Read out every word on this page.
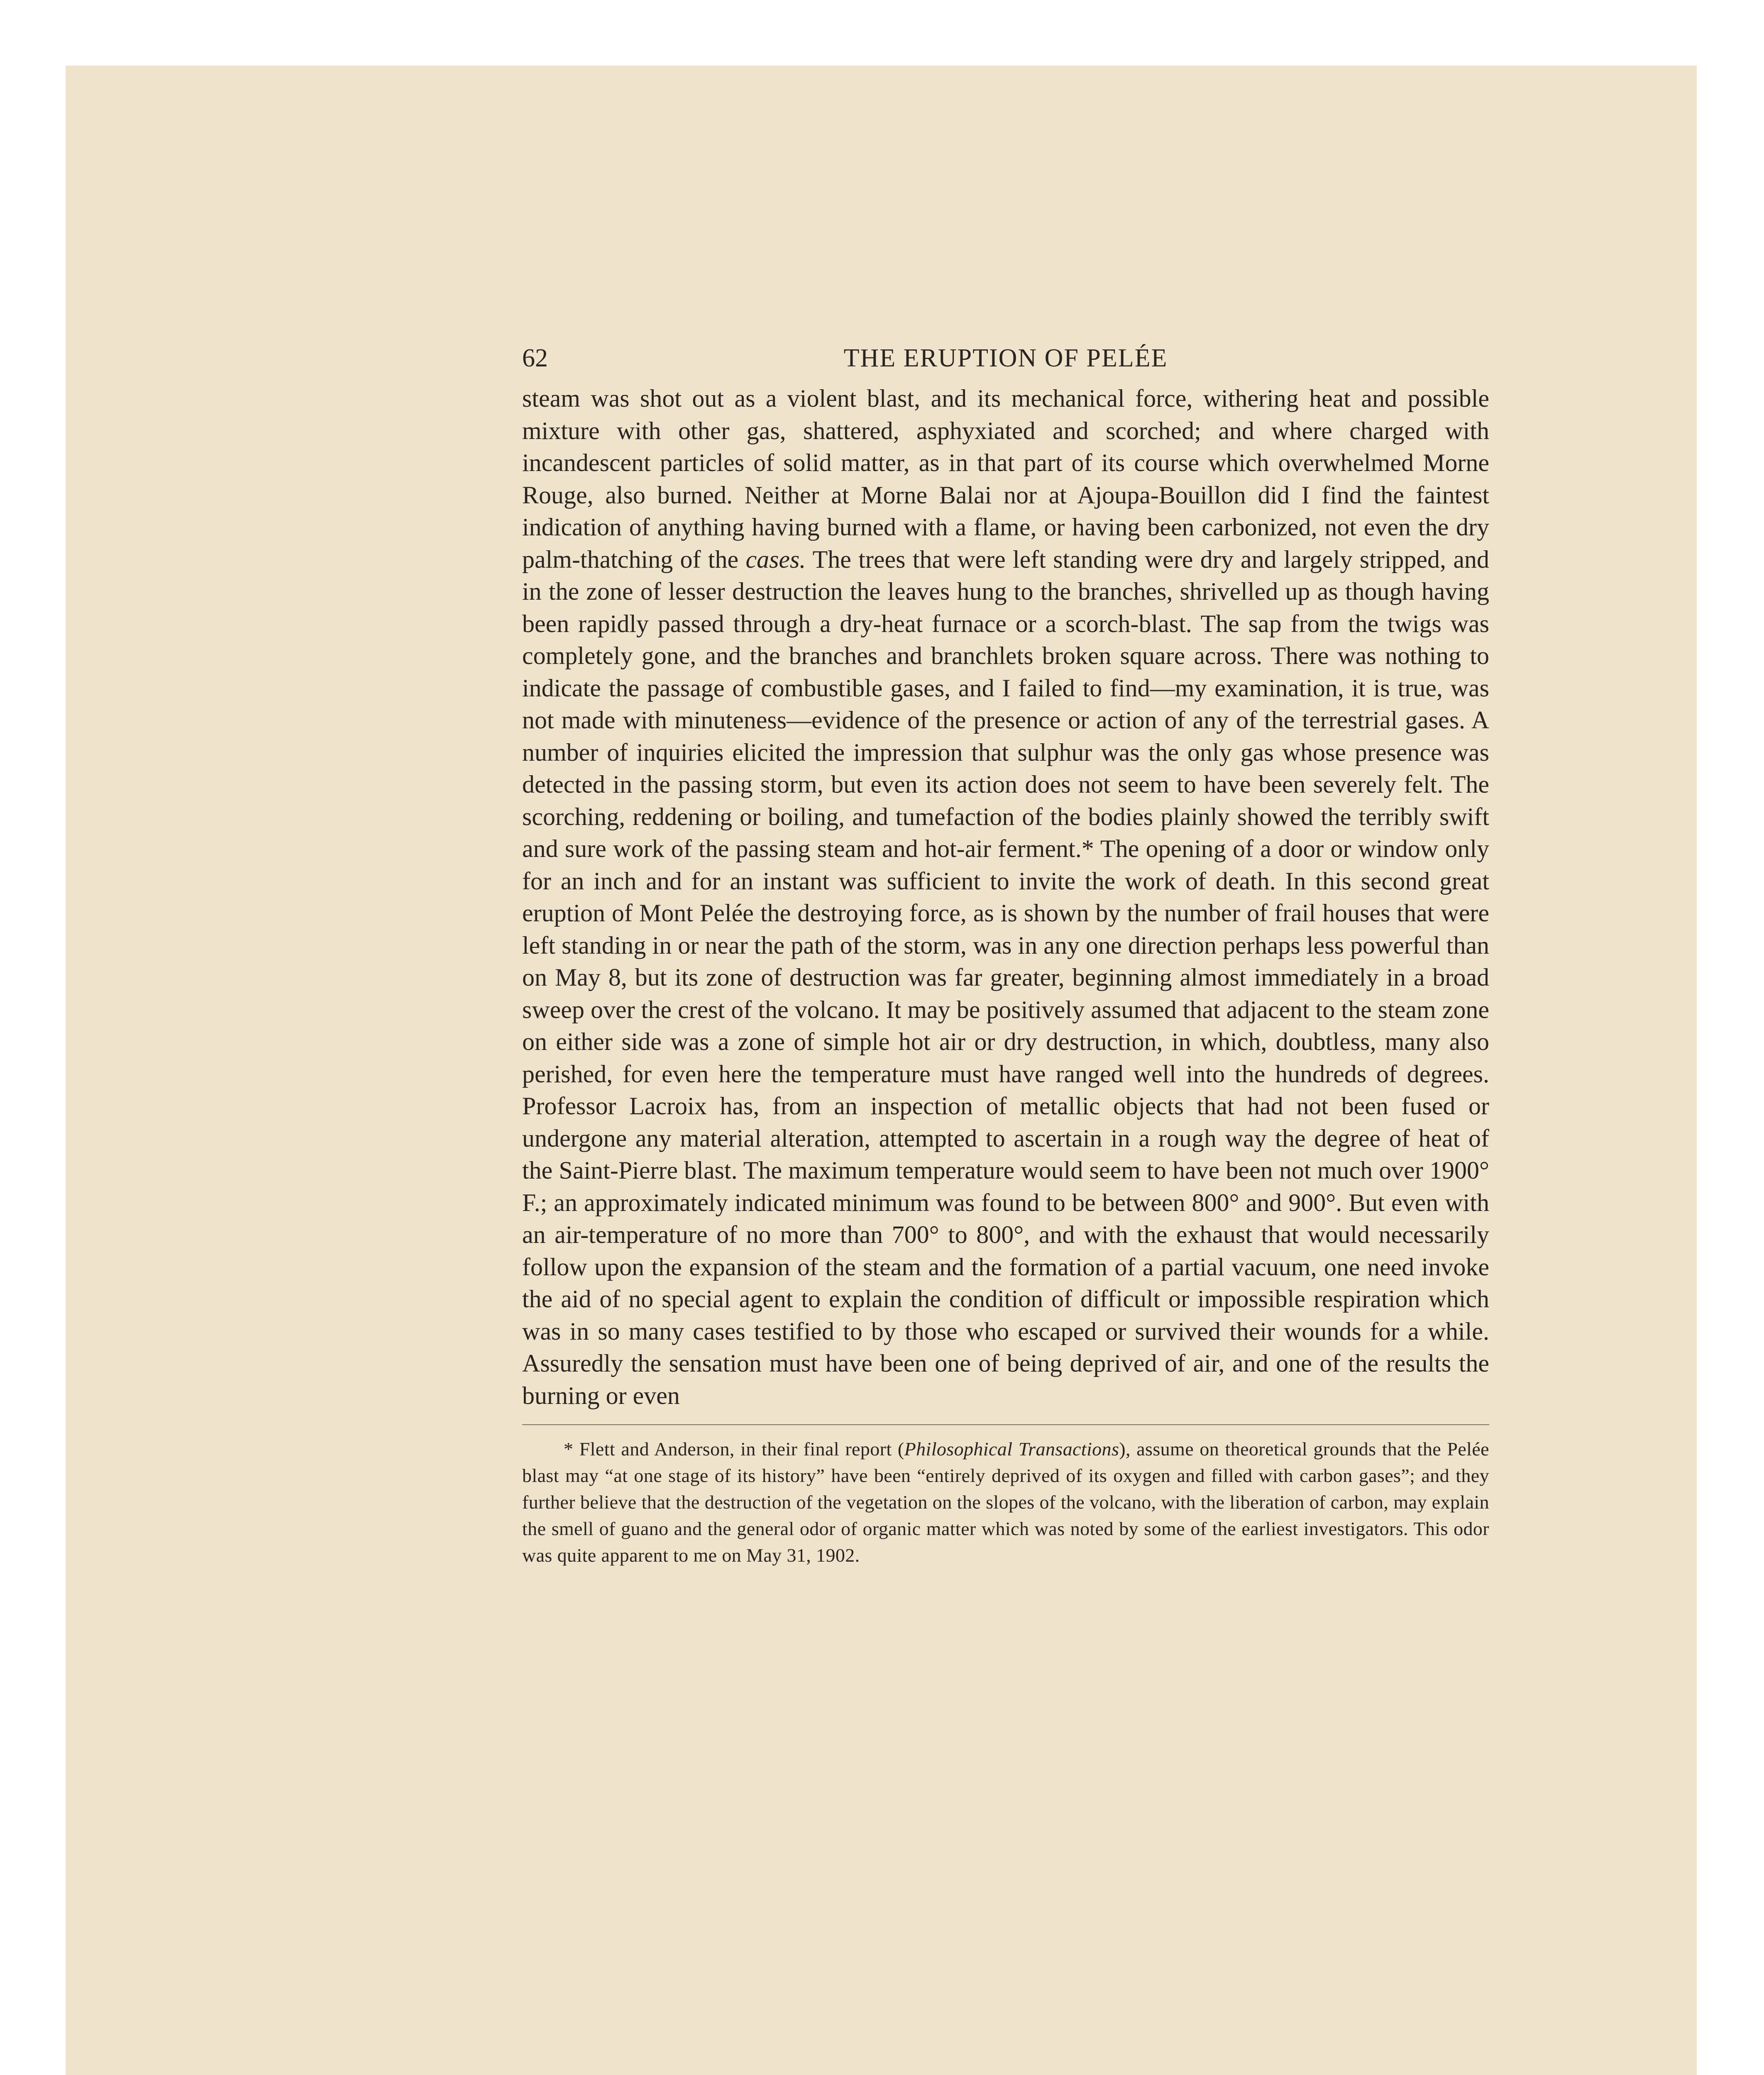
62	THE ERUPTION OF PELÉE

steam was shot out as a violent blast, and its mechanical force, withering heat and possible mixture with other gas, shattered, asphyxiated and scorched; and where charged with incandescent particles of solid matter, as in that part of its course which overwhelmed Morne Rouge, also burned. Neither at Morne Balai nor at Ajoupa-Bouillon did I find the faintest indication of anything having burned with a flame, or having been carbonized, not even the dry palm-thatching of the cases. The trees that were left standing were dry and largely stripped, and in the zone of lesser destruction the leaves hung to the branches, shrivelled up as though having been rapidly passed through a dry-heat furnace or a scorch-blast. The sap from the twigs was completely gone, and the branches and branchlets broken square across. There was nothing to indicate the passage of combustible gases, and I failed to find—my examination, it is true, was not made with minuteness—evidence of the presence or action of any of the terrestrial gases. A number of inquiries elicited the impression that sulphur was the only gas whose presence was detected in the passing storm, but even its action does not seem to have been severely felt. The scorching, reddening or boiling, and tumefaction of the bodies plainly showed the terribly swift and sure work of the passing steam and hot-air ferment.* The opening of a door or window only for an inch and for an instant was sufficient to invite the work of death. In this second great eruption of Mont Pelée the destroying force, as is shown by the number of frail houses that were left standing in or near the path of the storm, was in any one direction perhaps less powerful than on May 8, but its zone of destruction was far greater, beginning almost immediately in a broad sweep over the crest of the volcano. It may be positively assumed that adjacent to the steam zone on either side was a zone of simple hot air or dry destruction, in which, doubtless, many also perished, for even here the temperature must have ranged well into the hundreds of degrees. Professor Lacroix has, from an inspection of metallic objects that had not been fused or undergone any material alteration, attempted to ascertain in a rough way the degree of heat of the Saint-Pierre blast. The maximum temperature would seem to have been not much over 1900° F.; an approximately indicated minimum was found to be between 800° and 900°. But even with an air-temperature of no more than 700° to 800°, and with the exhaust that would necessarily follow upon the expansion of the steam and the formation of a partial vacuum, one need invoke the aid of no special agent to explain the condition of difficult or impossible respiration which was in so many cases testified to by those who escaped or survived their wounds for a while. Assuredly the sensation must have been one of being deprived of air, and one of the results the burning or even

* Flett and Anderson, in their final report (Philosophical Transactions), assume on theoretical grounds that the Pelée blast may “at one stage of its history” have been “entirely deprived of its oxygen and filled with carbon gases”; and they further believe that the destruction of the vegetation on the slopes of the volcano, with the liberation of carbon, may explain the smell of guano and the general odor of organic matter which was noted by some of the earliest investigators. This odor was quite apparent to me on May 31, 1902.
